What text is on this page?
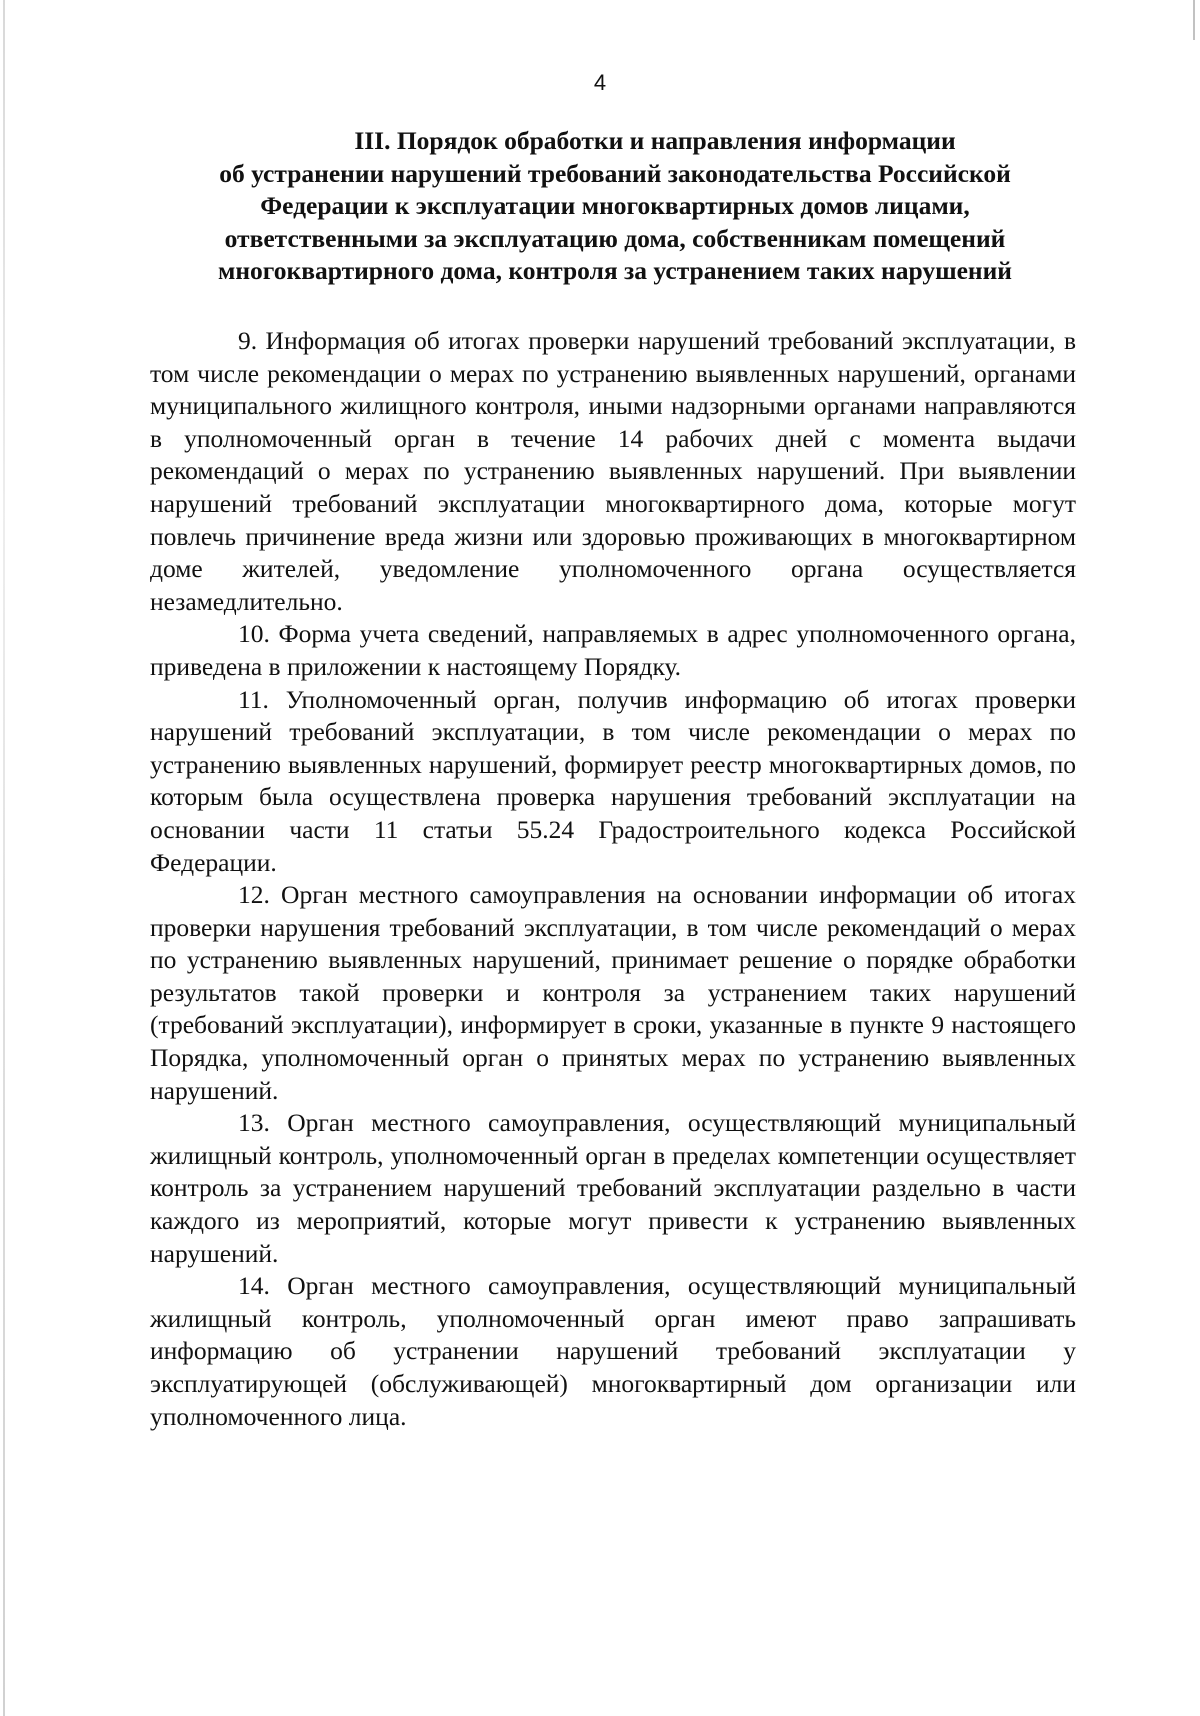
4
III. Порядок обработки и направления информации
об устранении нарушений требований законодательства Российской
Федерации к эксплуатации многоквартирных домов лицами,
ответственными за эксплуатацию дома, собственникам помещений
многоквартирного дома, контроля за устранением таких нарушений

9. Информация об итогах проверки нарушений требований эксплуатации, в том числе рекомендации о мерах по устранению выявленных нарушений, органами муниципального жилищного контроля, иными надзорными органами направляются в уполномоченный орган в течение 14 рабочих дней с момента выдачи рекомендаций о мерах по устранению выявленных нарушений. При выявлении нарушений требований эксплуатации многоквартирного дома, которые могут повлечь причинение вреда жизни или здоровью проживающих в многоквартирном доме жителей, уведомление уполномоченного органа осуществляется незамедлительно.

10. Форма учета сведений, направляемых в адрес уполномоченного органа, приведена в приложении к настоящему Порядку.

11. Уполномоченный орган, получив информацию об итогах проверки нарушений требований эксплуатации, в том числе рекомендации о мерах по устранению выявленных нарушений, формирует реестр многоквартирных домов, по которым была осуществлена проверка нарушения требований эксплуатации на основании части 11 статьи 55.24 Градостроительного кодекса Российской Федерации.

12. Орган местного самоуправления на основании информации об итогах проверки нарушения требований эксплуатации, в том числе рекомендаций о мерах по устранению выявленных нарушений, принимает решение о порядке обработки результатов такой проверки и контроля за устранением таких нарушений (требований эксплуатации), информирует в сроки, указанные в пункте 9 настоящего Порядка, уполномоченный орган о принятых мерах по устранению выявленных нарушений.

13. Орган местного самоуправления, осуществляющий муниципальный жилищный контроль, уполномоченный орган в пределах компетенции осуществляет контроль за устранением нарушений требований эксплуатации раздельно в части каждого из мероприятий, которые могут привести к устранению выявленных нарушений.

14. Орган местного самоуправления, осуществляющий муниципальный жилищный контроль, уполномоченный орган имеют право запрашивать информацию об устранении нарушений требований эксплуатации у эксплуатирующей (обслуживающей) многоквартирный дом организации или уполномоченного лица.
